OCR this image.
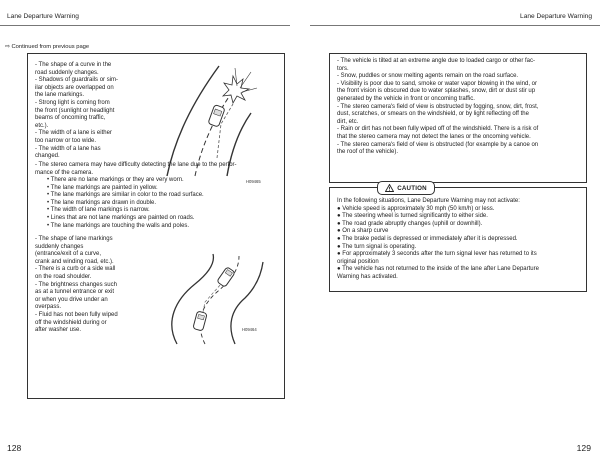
Lane Departure Warning	Lane Departure Warning
⇨ Continued from previous page
- The shape of a curve in the
road suddenly changes.
- Shadows of guardrails or sim-
ilar objects are overlapped on
the lane markings.
- Strong light is coming from
the front (sunlight or headlight
beams of oncoming traffic,
etc.).
- The width of a lane is either
too narrow or too wide.
- The width of a lane has
changed.
H09465
- The stereo camera may have difficulty detecting the lane due to the perfor-
mance of the camera.
• There are no lane markings or they are very worn.
• The lane markings are painted in yellow.
• The lane markings are similar in color to the road surface.
• The lane markings are drawn in double.
• The width of lane markings is narrow.
• Lines that are not lane markings are painted on roads.
• The lane markings are touching the walls and poles.
- The shape of lane markings
suddenly changes
(entrance/exit of a curve,
crank and winding road, etc.).
- There is a curb or a side wall
on the road shoulder.
- The brightness changes such
as at a tunnel entrance or exit
or when you drive under an
overpass.
- Fluid has not been fully wiped
off the windshield during or
after washer use.	H09464
- The vehicle is tilted at an extreme angle due to loaded cargo or other fac-
tors.
- Snow, puddles or snow melting agents remain on the road surface.
- Visibility is poor due to sand, smoke or water vapor blowing in the wind, or
the front vision is obscured due to water splashes, snow, dirt or dust stir up
generated by the vehicle in front or oncoming traffic.
- The stereo camera's field of view is obstructed by fogging, snow, dirt, frost,
dust, scratches, or smears on the windshield, or by light reflecting off the
dirt, etc.
- Rain or dirt has not been fully wiped off of the windshield. There is a risk of
that the stereo camera may not detect the lanes or the oncoming vehicle.
- The stereo camera's field of view is obstructed (for example by a canoe on
the roof of the vehicle).
CAUTION
In the following situations, Lane Departure Warning may not activate:
● Vehicle speed is approximately 30 mph (50 km/h) or less.
● The steering wheel is turned significantly to either side.
● The road grade abruptly changes (uphill or downhill).
● On a sharp curve
● The brake pedal is depressed or immediately after it is depressed.
● The turn signal is operating.
● For approximately 3 seconds after the turn signal lever has returned to its
original position
● The vehicle has not returned to the inside of the lane after Lane Departure
Warning has activated.
128	129
